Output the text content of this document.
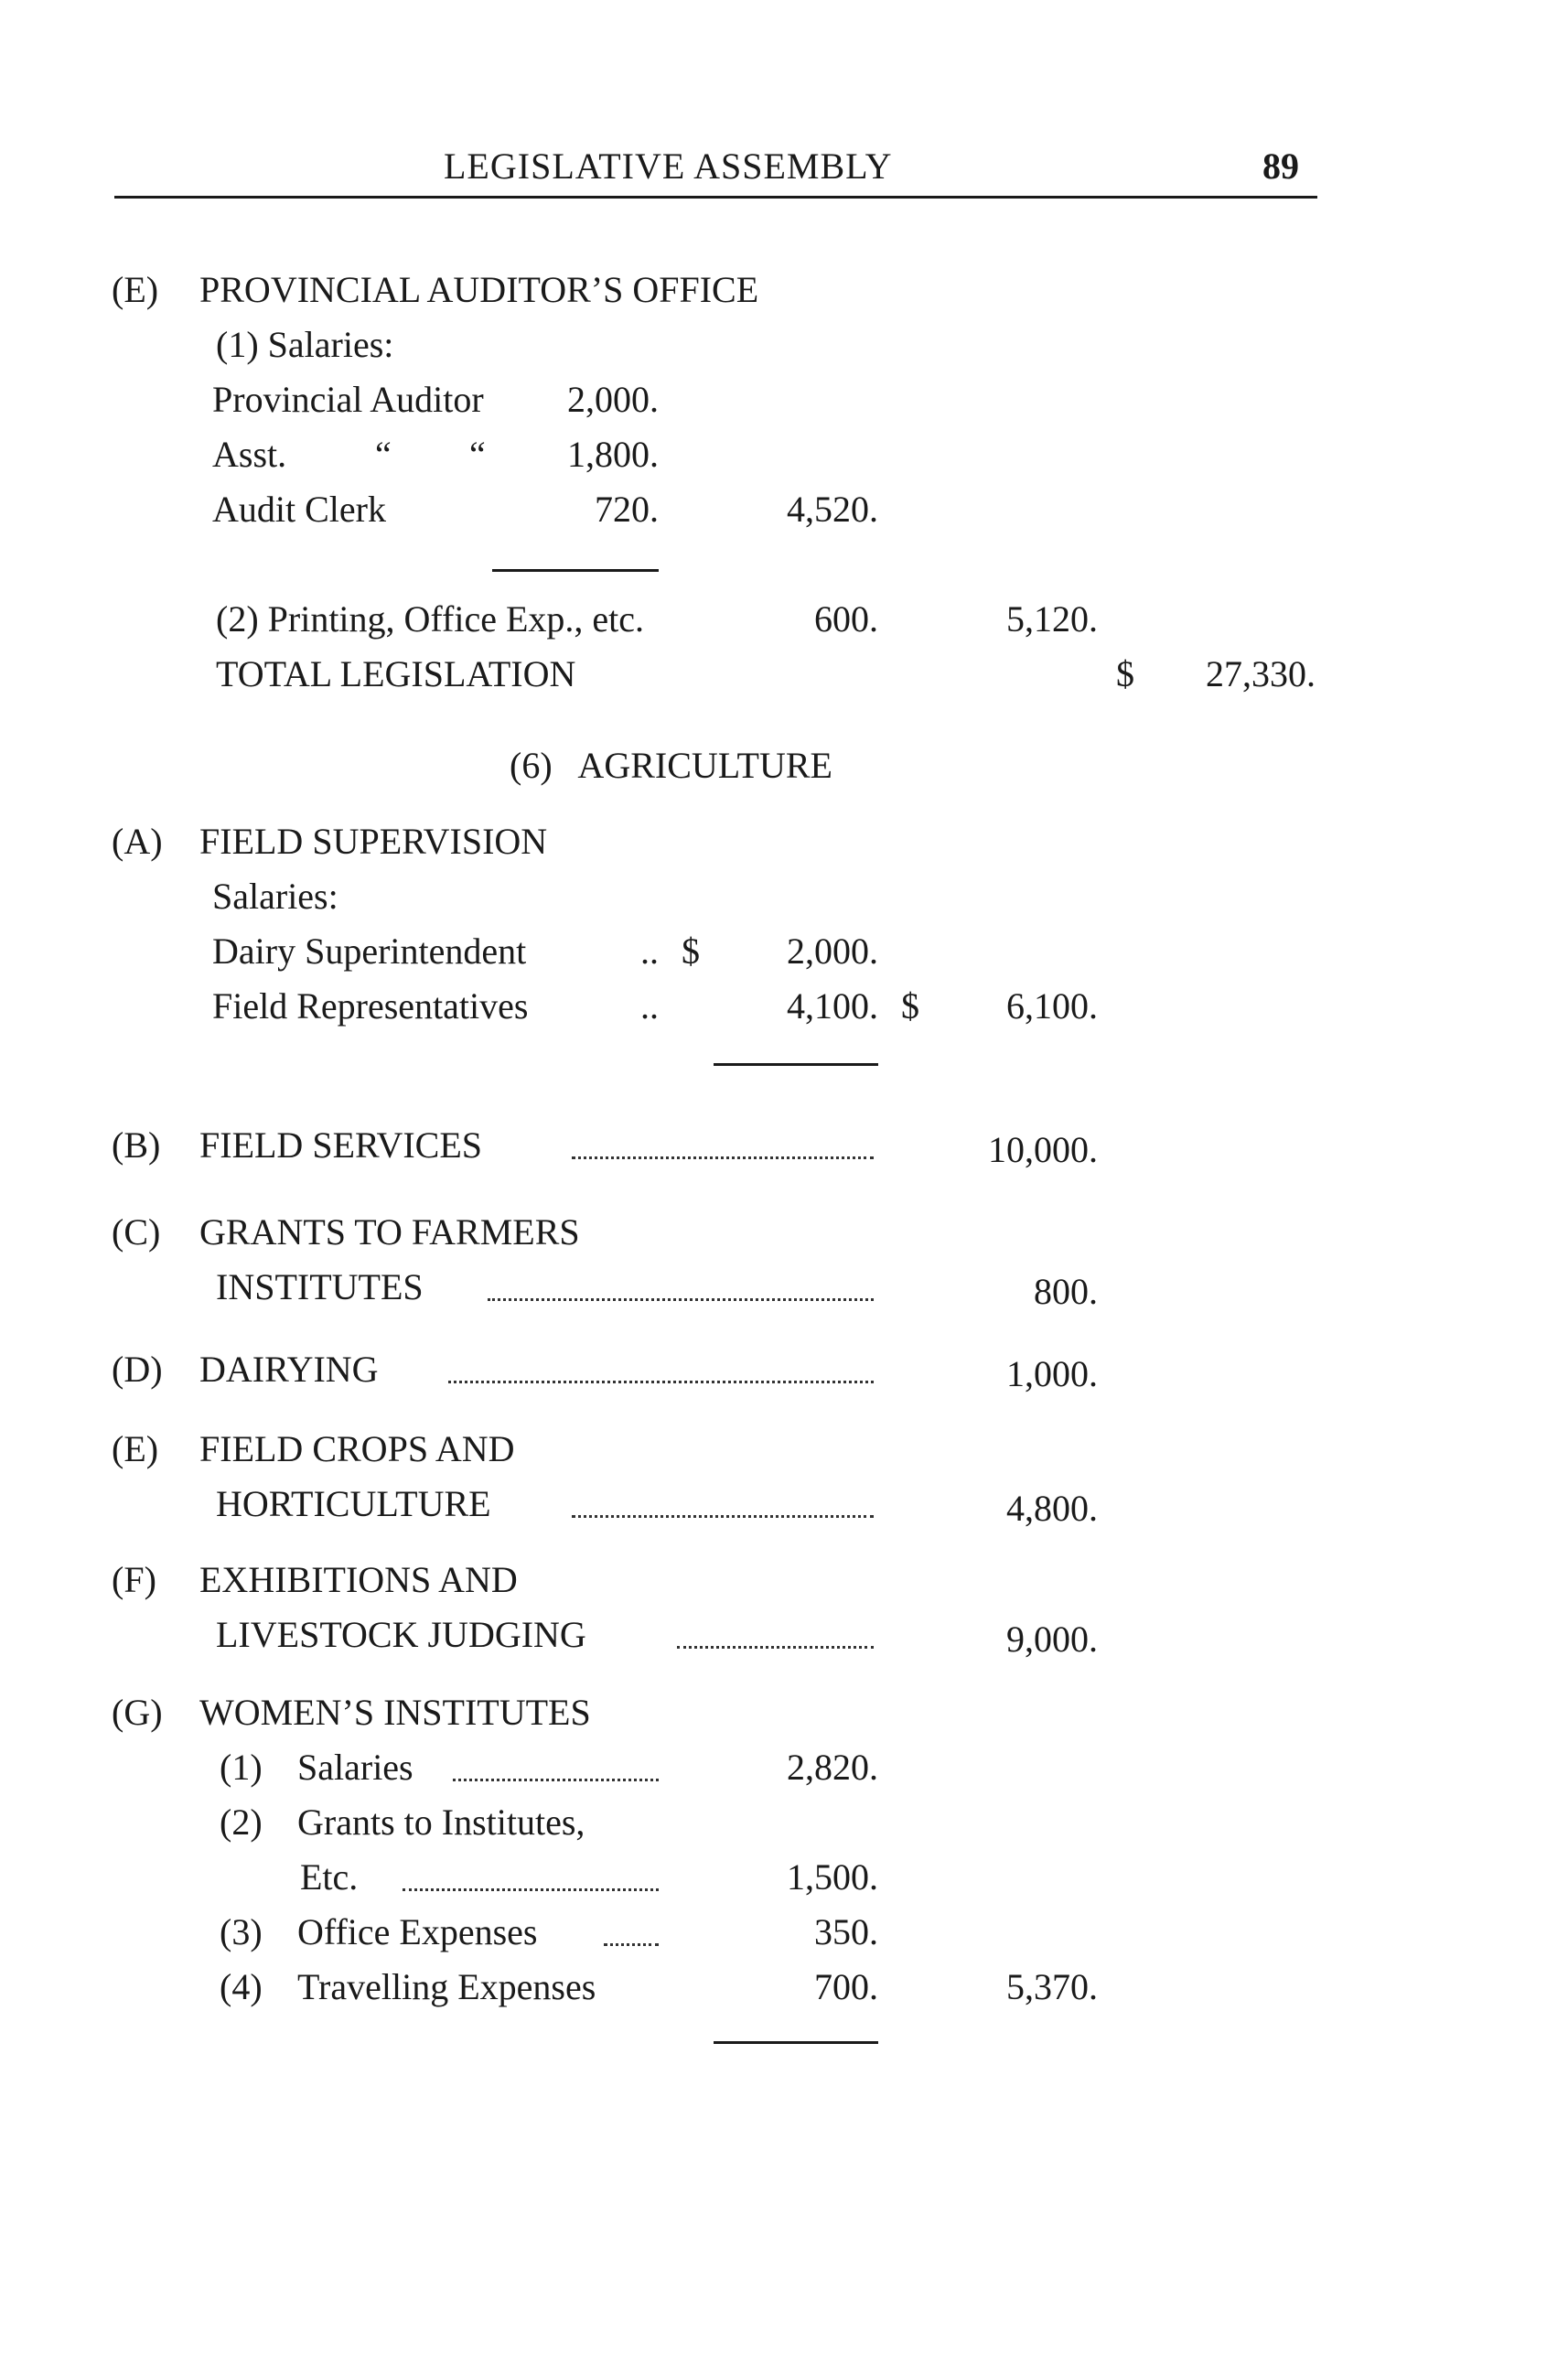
LEGISLATIVE ASSEMBLY	89
(E) PROVINCIAL AUDITOR’S OFFICE
(1) Salaries:
Provincial Auditor	2,000.
Asst. “ “	1,800.
Audit Clerk	720.	4,520.
(2) Printing, Office Exp., etc.	600.	5,120.
TOTAL LEGISLATION	$	27,330.
(6)   AGRICULTURE
(A) FIELD SUPERVISION
Salaries:
Dairy Superintendent	.. $	2,000.
Field Representatives	..	4,100. $	6,100.
(B) FIELD SERVICES	10,000.
(C) GRANTS TO FARMERS
INSTITUTES	800.
(D) DAIRYING	1,000.
(E) FIELD CROPS AND
HORTICULTURE	4,800.
(F) EXHIBITIONS AND
LIVESTOCK JUDGING	9,000.
(G) WOMEN’S INSTITUTES
(1) Salaries	2,820.
(2) Grants to Institutes,
Etc.	1,500.
(3) Office Expenses	350.
(4) Travelling Expenses	700.	5,370.
